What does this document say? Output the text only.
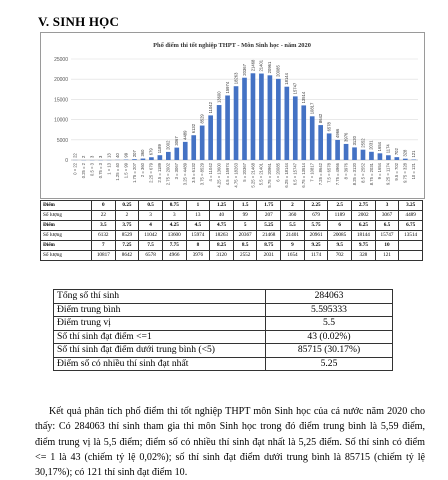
V. SINH HỌC
Phổ điểm thi tốt nghiệp THPT - Môn Sinh học - năm 2020
0
5000
10000
15000
20000
25000
22
0 = 22
2
0.25 = 2
3
0.5 = 3
3
0.75 = 3
13
1 = 13
40
1.25 = 40
99
1.5 = 99
207
1.75 = 207
360
2 = 360
679
2.25 = 679
1189
2.5 = 1189
2002
2.75 = 2002
3067
3 = 3067
4489
3.25 = 4489
6132
3.5 = 6132
8529
3.75 = 8529
11042
4 = 11042
13600
4.25 = 13600
15974
4.5 = 15974
18263
4.75 = 18263
20367
5 = 20367
21468
5.25 = 21468
21401
5.5 = 21401
20961
5.75 = 20961
20085
6 = 20085
18144
6.25 = 18144
15747
6.5 = 15747
13514
6.75 = 13514
10817
7 = 10817
8642
7.25 = 8642
6578
7.5 = 6578
4966
7.75 = 4966
3976
8 = 3976
3120
8.25 = 3120
2552
8.5 = 2552
2031
8.75 = 2031
1654
9 = 1654
1174
9.25 = 1174
702
9.5 = 702
328
9.75 = 328
121
10 = 121
Điểm	0	0.25	0.5	0.75	1	1.25	1.5	1.75	2	2.25	2.5	2.75	3	3.25
Số lượng	22	2	3	3	13	40	99	207	360	679	1189	2002	3067	4489
Điểm	3.5	3.75	4	4.25	4.5	4.75	5	5.25	5.5	5.75	6	6.25	6.5	6.75
Số lượng	6132	8529	11042	13600	15974	18263	20367	21468	21401	20961	20085	18144	15747	13514
Điểm	7	7.25	7.5	7.75	8	8.25	8.5	8.75	9	9.25	9.5	9.75	10	
Số lượng	10817	8642	6578	4966	3976	3120	2552	2031	1654	1174	702	328	121	
Tổng số thí sinh	284063
Điểm trung bình	5.595333
Điểm trung vị	5.5
Số thí sinh đạt điểm <=1	43 (0.02%)
Số thí sinh đạt điểm dưới trung bình (<5)	85715 (30.17%)
Điểm số có nhiều thí sinh đạt nhất	5.25

Kết quả phân tích phổ điểm thi tốt nghiệp THPT môn Sinh học của cả nước năm 2020 cho thấy: Có 284063 thí sinh tham gia thi môn Sinh học trong đó điểm trung bình là 5,59 điểm, điểm trung vị là 5,5 điểm; điểm số có nhiều thí sinh đạt nhất là 5,25 điểm. Số thí sinh có điểm <= 1 là 43 (chiếm tỷ lệ 0,02%); số thí sinh đạt điểm dưới trung bình là 85715 (chiếm tỷ lệ 30,17%); có 121 thí sinh đạt điểm 10.
